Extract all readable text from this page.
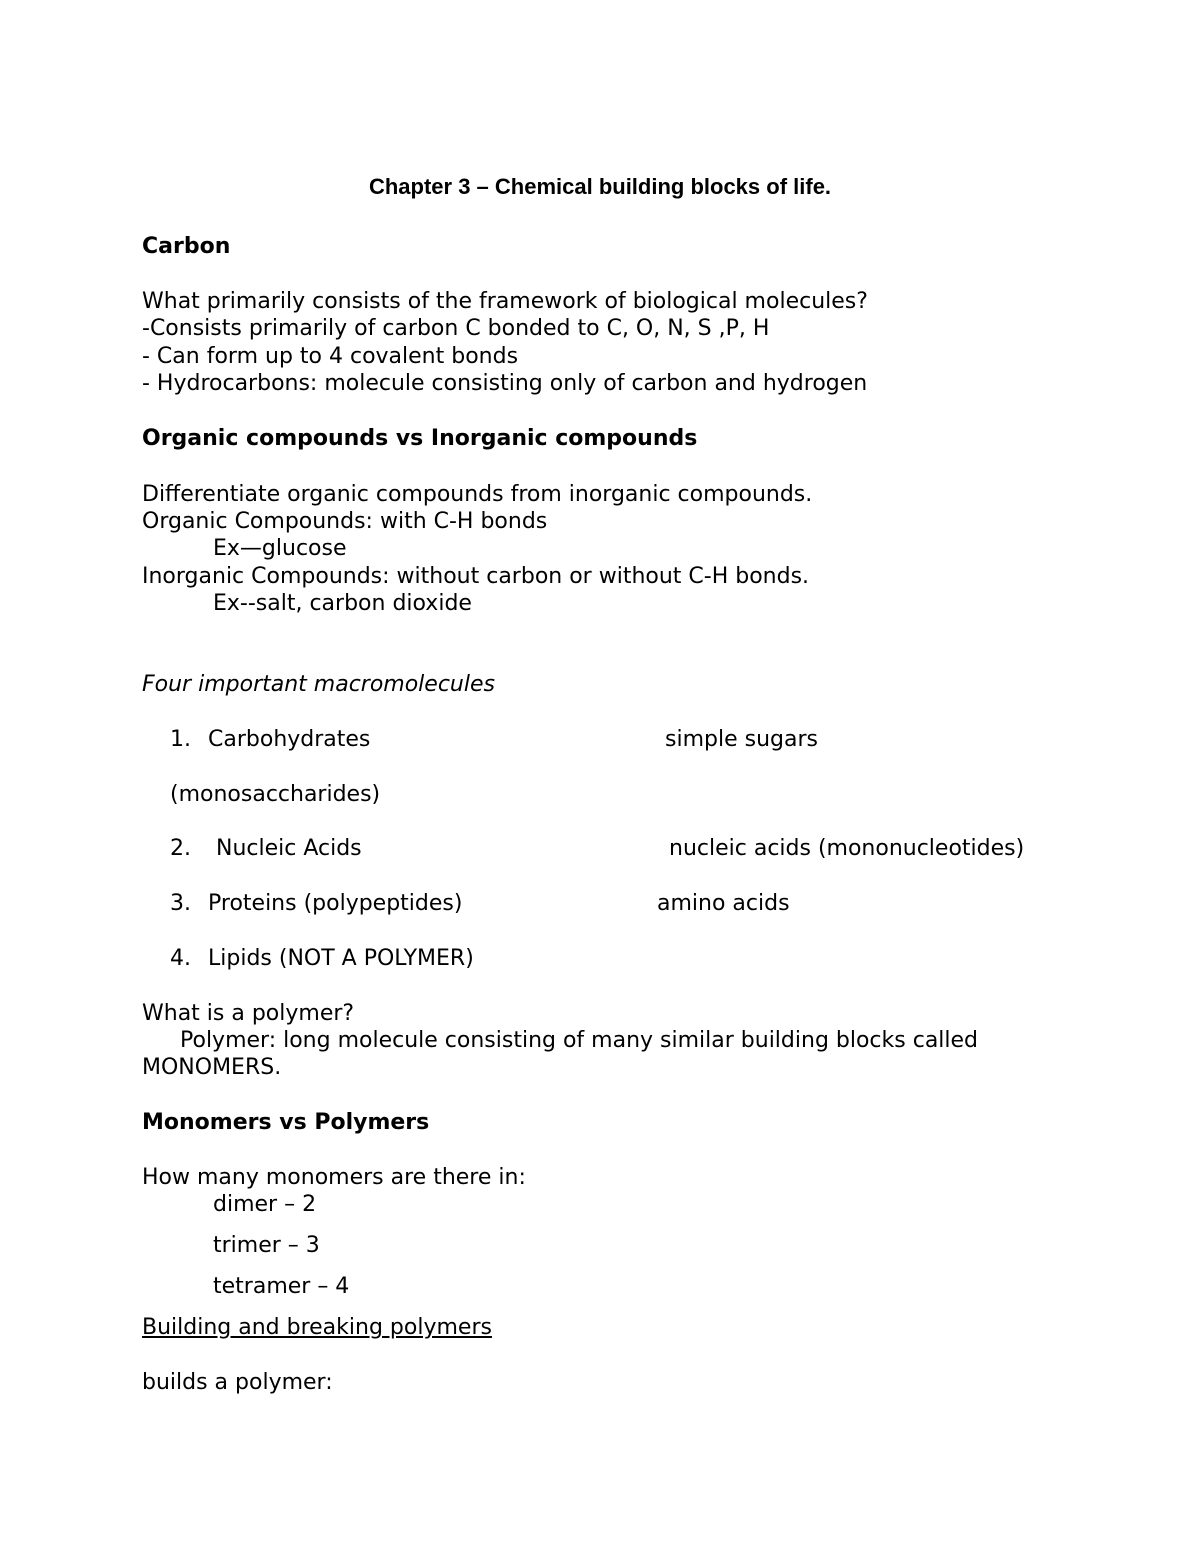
Chapter 3 – Chemical building blocks of life.
Carbon
What primarily consists of the framework of biological molecules?
-Consists primarily of carbon C bonded to C, O, N, S ,P, H
- Can form up to 4 covalent bonds
- Hydrocarbons: molecule consisting only of carbon and hydrogen
Organic compounds vs Inorganic compounds
Differentiate organic compounds from inorganic compounds.
Organic Compounds: with C-H bonds
Ex—glucose
Inorganic Compounds: without carbon or without C-H bonds.
Ex--salt, carbon dioxide
Four important macromolecules
1. Carbohydrates	simple sugars
(monosaccharides)
2. Nucleic Acids	nucleic acids (mononucleotides)
3. Proteins (polypeptides)	amino acids
4. Lipids (NOT A POLYMER)
What is a polymer?
Polymer: long molecule consisting of many similar building blocks called
MONOMERS.
Monomers vs Polymers
How many monomers are there in:
dimer – 2
trimer – 3
tetramer – 4
Building and breaking polymers
builds a polymer:
